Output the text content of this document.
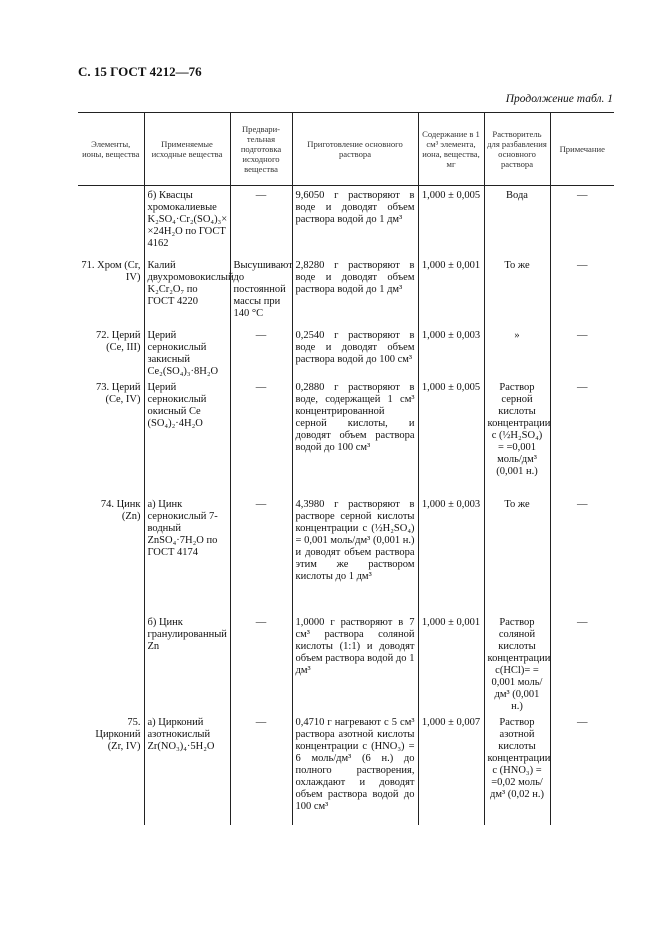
С. 15 ГОСТ 4212—76
Продолжение табл. 1
Элементы, ионы, вещества	Применяемые исходные вещества	Предвари-тельная подготовка исходного вещества	Приготовление основного раствора	Содержание в 1 см³ элемента, иона, вещества, мг	Растворитель для разбавления основного раствора	Примечание
	б) Квасцы хромокалиевые K₂SO₄·Cr₂(SO₄)₃× ×24H₂O по ГОСТ 4162	—	9,6050 г растворяют в воде и доводят объем раствора водой до 1 дм³	1,000 ± 0,005	Вода	—
71. Хром (Cr, IV)	Калий двухромовокислый K₂Cr₂O₇ по ГОСТ 4220	Высушивают до постоянной массы при 140 °С	2,8280 г растворяют в воде и доводят объем раствора водой до 1 дм³	1,000 ± 0,001	То же	—
72. Церий (Ce, III)	Церий сернокислый закисный Ce₂(SO₄)₃·8H₂O	—	0,2540 г растворяют в воде и доводят объем раствора водой до 100 см³	1,000 ± 0,003	»	—
73. Церий (Ce, IV)	Церий сернокислый окисный Ce (SO₄)₂·4H₂O	—	0,2880 г растворяют в воде, содержащей 1 см³ концентрированной серной кислоты, и доводят объем раствора водой до 100 см³	1,000 ± 0,005	Раствор серной кислоты концентрации c (½H₂SO₄) = =0,001 моль/дм³ (0,001 н.)	—
74. Цинк (Zn)	а) Цинк сернокислый 7-водный ZnSO₄·7H₂O по ГОСТ 4174	—	4,3980 г растворяют в растворе серной кислоты концентрации c (½H₂SO₄) = 0,001 моль/дм³ (0,001 н.) и доводят объем раствора этим же раствором кислоты до 1 дм³	1,000 ± 0,003	То же	—
	б) Цинк гранулированный Zn	—	1,0000 г растворяют в 7 см³ раствора соляной кислоты (1:1) и доводят объем раствора водой до 1 дм³	1,000 ± 0,001	Раствор соляной кислоты концентрации c(HCl)= = 0,001 моль/дм³ (0,001 н.)	—
75. Цирконий (Zr, IV)	а) Цирконий азотнокислый Zr(NO₃)₄·5H₂O	—	0,4710 г нагревают с 5 см³ раствора азотной кислоты концентрации c (HNO₃) = 6 моль/дм³ (6 н.) до полного растворения, охлаждают и доводят объем раствора водой до 100 см³	1,000 ± 0,007	Раствор азотной кислоты концентрации c (HNO₃) = =0,02 моль/дм³ (0,02 н.)	—
